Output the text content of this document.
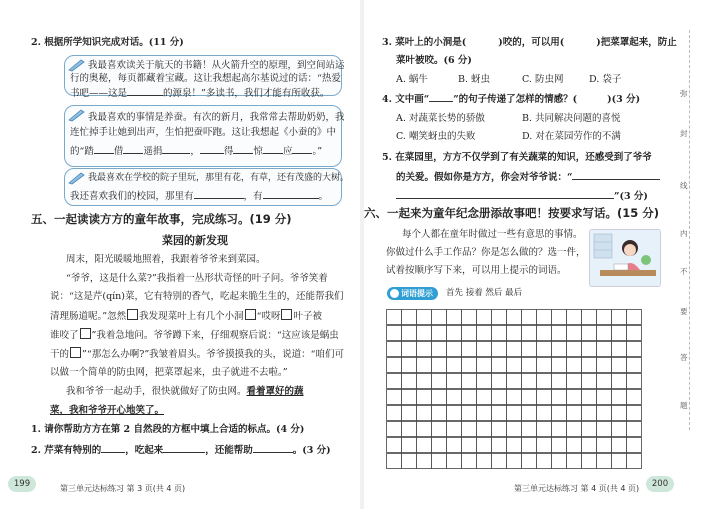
2. 根据所学知识完成对话。(11 分)
我最喜欢读关于航天的书籍！从火箭升空的原理，到空间站运
行的奥秘，每页都藏着宝藏。这让我想起高尔基说过的话：“热爱
书吧——这是	的源泉！”多读书，我们才能有所收获。
我最喜欢的事情是养蚕。有次的新月，我常常去帮助奶奶，我
连忙掉手让她到出声，生怕把蚕吓跑。这让我想起《小蚕的》中
的“踏 借 遥捐	，	得 惊 应 。”
我最喜欢在学校的院子里玩，那里有花，有草，还有茂盛的大树。
我还喜欢我们的校园，那里有	，有	。
五、一起读读方方的童年故事，完成练习。(19 分)
菜园的新发现
周末，阳光暖暖地照着，我跟着爷爷来到菜园。
“爷爷，这是什么菜?”我指着一丛形状奇怪的叶子问。爷爷笑着
说：“这是芹(qín)菜，它有特别的香气，吃起来脆生生的，还能帮我们
清理肠道呢。”忽然 我发现菜叶上有几个小洞 “哎呀 叶子被
谁咬了 ”我着急地问。爷爷蹲下来，仔细观察后说：“这应该是蜗虫
干的 ”“那怎么办啊?”我皱着眉头。爷爷摸摸我的头，说道：“咱们可
以做一个简单的防虫网，把菜罩起来，虫子就进不去啦。”
我和爷爷一起动手，很快就做好了防虫网。 看着罩好的蔬
菜，我和爷爷开心地笑了。
1. 请你帮助方方在第 2 自然段的方框中填上合适的标点。(4 分)
2. 芹菜有特别的	，吃起来	，还能帮助	。(3 分)
199	第三单元达标练习 第 3 页(共 4 页)
3. 菜叶上的小洞是(	)咬的，可以用(	)把菜罩起来，防止
菜叶被咬。(6 分)
A. 蜗牛	B. 蚜虫	C. 防虫网	D. 袋子
4. 文中画“	”的句子传递了怎样的情感？(	)(3 分)
A. 对蔬菜长势的骄傲	B. 共同解决问题的喜悦
C. 嘲笑蚜虫的失败	D. 对在菜园劳作的不满
5. 在菜园里，方方不仅学到了有关蔬菜的知识，还感受到了爷爷
的关爱。假如你是方方，你会对爷爷说：“
”(3 分)
六、一起来为童年纪念册添故事吧！按要求写话。(15 分)
每个人都在童年时做过一些有意思的事情。
你做过什么手工作品？你是怎么做的？选一件，
试着按顺序写下来，可以用上提示的词语。
首先 接着 然后 最后
200
第三单元达标练习 第 4 页(共 4 页)
词语提示
弥
封
线
内
不
要
答
题
